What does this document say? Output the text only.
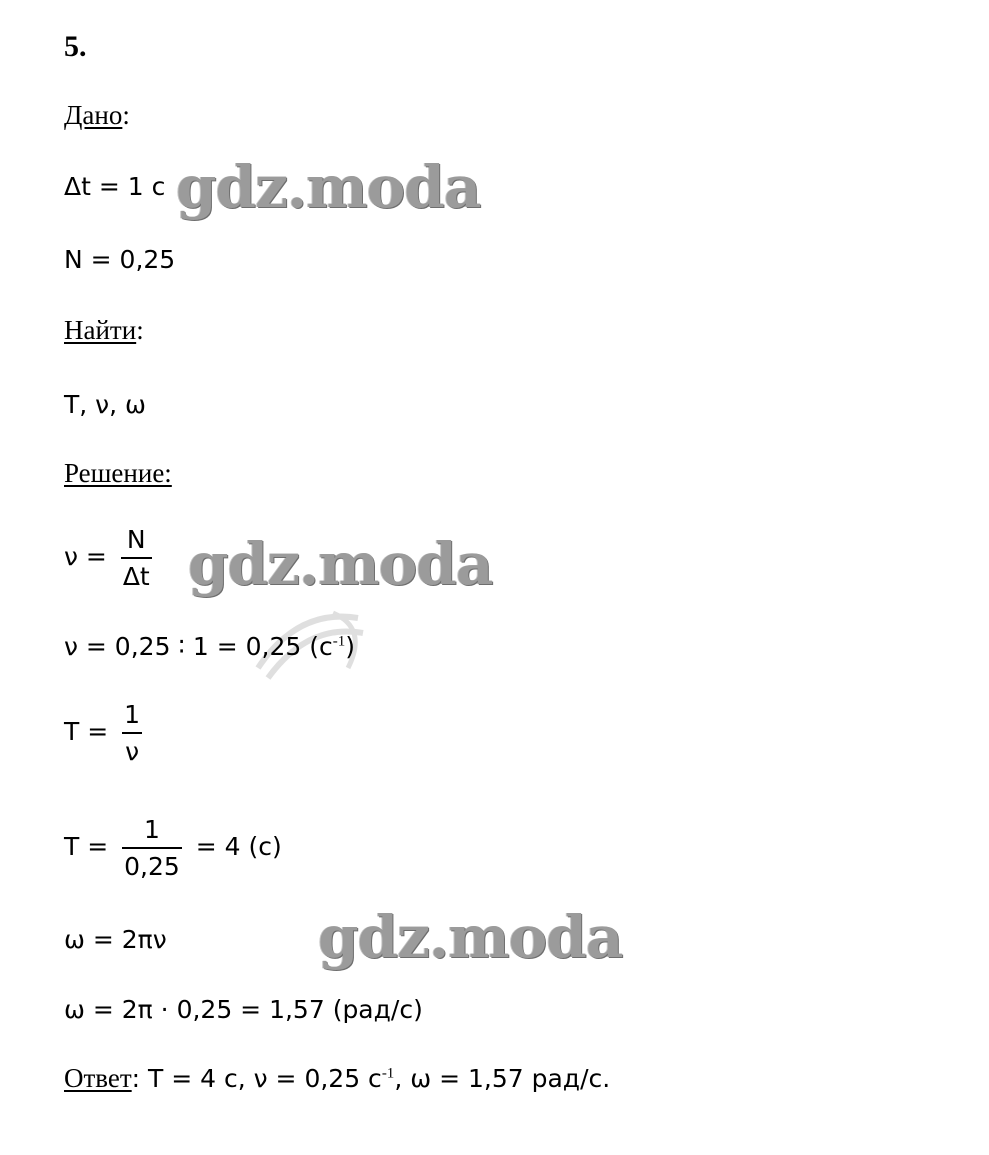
5.
Дано:
Δt = 1 с
N = 0,25
Найти:
T, ν, ω
Решение:
$\nu = \frac{N}{\Delta t}$
ν = 0,25 ∶ 1 = 0,25 $(с^{-1})$
$T = \frac{1}{\nu}$
$T = \frac{1}{0,25} = 4$ (с)
ω = 2πν
ω = 2π · 0,25 = 1,57 (рад/с)
Ответ: T = 4 с, ν = 0,25 $с^{-1}$, ω = 1,57 рад/с.
gdz.moda
gdz.moda
gdz.moda
